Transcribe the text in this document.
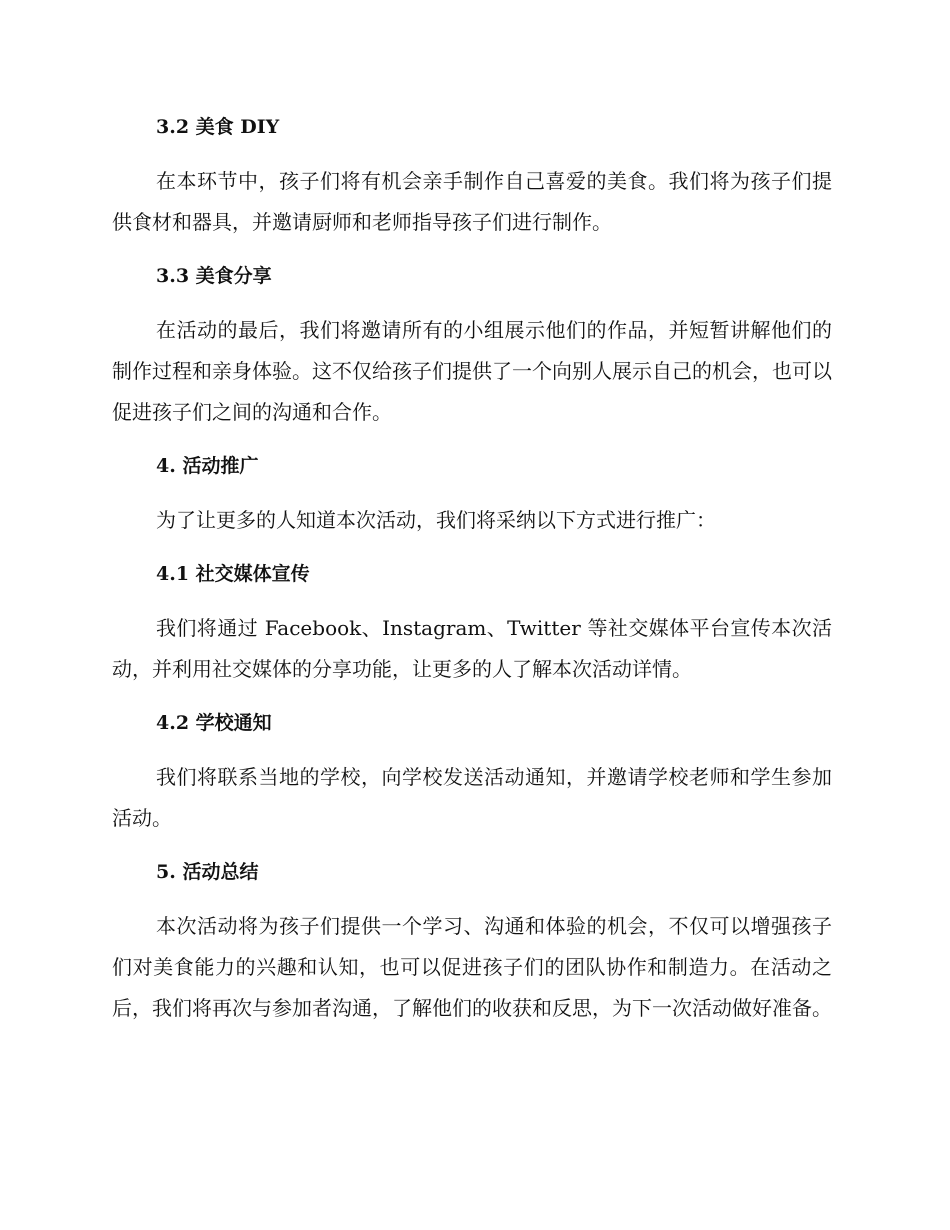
3.2 美食 DIY

在本环节中，孩子们将有机会亲手制作自己喜爱的美食。我们将为孩子们提供食材和器具，并邀请厨师和老师指导孩子们进行制作。

3.3 美食分享

在活动的最后，我们将邀请所有的小组展示他们的作品，并短暂讲解他们的制作过程和亲身体验。这不仅给孩子们提供了一个向别人展示自己的机会，也可以促进孩子们之间的沟通和合作。

4. 活动推广

为了让更多的人知道本次活动，我们将采纳以下方式进行推广：

4.1 社交媒体宣传

我们将通过 Facebook、Instagram、Twitter 等社交媒体平台宣传本次活动，并利用社交媒体的分享功能，让更多的人了解本次活动详情。

4.2 学校通知

我们将联系当地的学校，向学校发送活动通知，并邀请学校老师和学生参加活动。

5. 活动总结

本次活动将为孩子们提供一个学习、沟通和体验的机会，不仅可以增强孩子们对美食能力的兴趣和认知，也可以促进孩子们的团队协作和制造力。在活动之后，我们将再次与参加者沟通，了解他们的收获和反思，为下一次活动做好准备。
